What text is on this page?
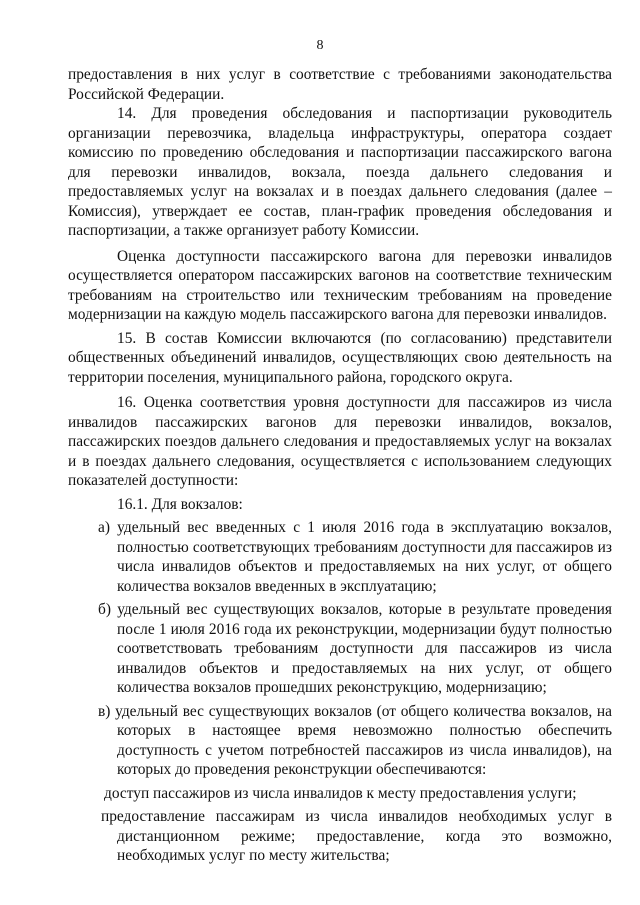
8

предоставления в них услуг в соответствие с требованиями законодательства Российской Федерации.

14. Для проведения обследования и паспортизации руководитель организации перевозчика, владельца инфраструктуры, оператора создает комиссию по проведению обследования и паспортизации пассажирского вагона для перевозки инвалидов, вокзала, поезда дальнего следования и предоставляемых услуг на вокзалах и в поездах дальнего следования (далее – Комиссия), утверждает ее состав, план-график проведения обследования и паспортизации, а также организует работу Комиссии.

Оценка доступности пассажирского вагона для перевозки инвалидов осуществляется оператором пассажирских вагонов на соответствие техническим требованиям на строительство или техническим требованиям на проведение модернизации на каждую модель пассажирского вагона для перевозки инвалидов.

15. В состав Комиссии включаются (по согласованию) представители общественных объединений инвалидов, осуществляющих свою деятельность на территории поселения, муниципального района, городского округа.

16. Оценка соответствия уровня доступности для пассажиров из числа инвалидов пассажирских вагонов для перевозки инвалидов, вокзалов, пассажирских поездов дальнего следования и предоставляемых услуг на вокзалах и в поездах дальнего следования, осуществляется с использованием следующих показателей доступности:

16.1. Для вокзалов:

а) удельный вес введенных с 1 июля 2016 года в эксплуатацию вокзалов, полностью соответствующих требованиям доступности для пассажиров из числа инвалидов объектов и предоставляемых на них услуг, от общего количества вокзалов введенных в эксплуатацию;

б) удельный вес существующих вокзалов, которые в результате проведения после 1 июля 2016 года их реконструкции, модернизации будут полностью соответствовать требованиям доступности для пассажиров из числа инвалидов объектов и предоставляемых на них услуг, от общего количества вокзалов прошедших реконструкцию, модернизацию;

в) удельный вес существующих вокзалов (от общего количества вокзалов, на которых в настоящее время невозможно полностью обеспечить доступность с учетом потребностей пассажиров из числа инвалидов), на которых до проведения реконструкции обеспечиваются:

доступ пассажиров из числа инвалидов к месту предоставления услуги;

предоставление пассажирам из числа инвалидов необходимых услуг в дистанционном режиме; предоставление, когда это возможно, необходимых услуг по месту жительства;
